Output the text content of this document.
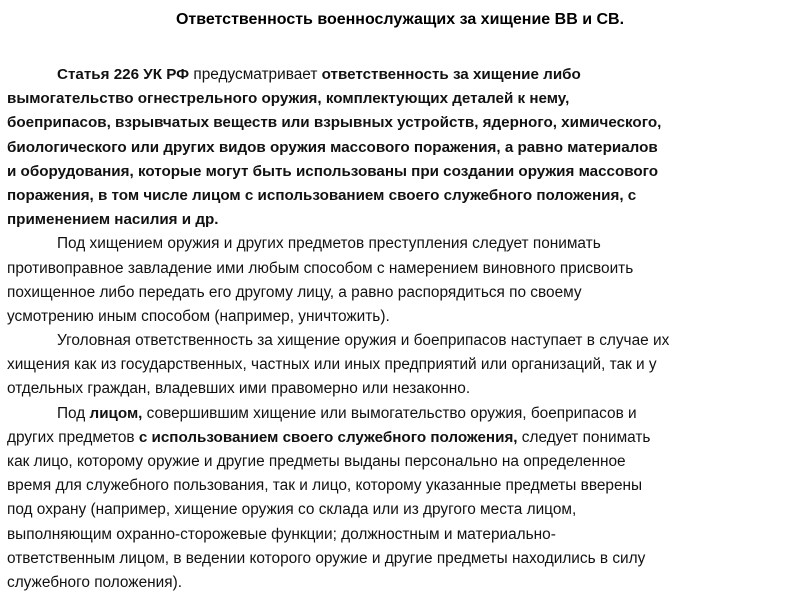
Ответственность военнослужащих за хищение ВВ и СВ.
Статья 226 УК РФ предусматривает ответственность за хищение либо
вымогательство огнестрельного оружия, комплектующих деталей к нему,
боеприпасов, взрывчатых веществ или взрывных устройств, ядерного, химического,
биологического или других видов оружия массового поражения, а равно материалов
и оборудования, которые могут быть использованы при создании оружия массового
поражения, в том числе лицом с использованием своего служебного положения, с
применением насилия и др.
Под хищением оружия и других предметов преступления следует понимать
противоправное завладение ими любым способом с намерением виновного присвоить
похищенное либо передать его другому лицу, а равно распорядиться по своему
усмотрению иным способом (например, уничтожить).
Уголовная ответственность за хищение оружия и боеприпасов наступает в случае их
хищения как из государственных, частных или иных предприятий или организаций, так и у
отдельных граждан, владевших ими правомерно или незаконно.
Под лицом, совершившим хищение или вымогательство оружия, боеприпасов и
других предметов с использованием своего служебного положения, следует понимать
как лицо, которому оружие и другие предметы выданы персонально на определенное
время для служебного пользования, так и лицо, которому указанные предметы вверены
под охрану (например, хищение оружия со склада или из другого места лицом,
выполняющим охранно-сторожевые функции; должностным и материально-
ответственным лицом, в ведении которого оружие и другие предметы находились в силу
служебного положения).
